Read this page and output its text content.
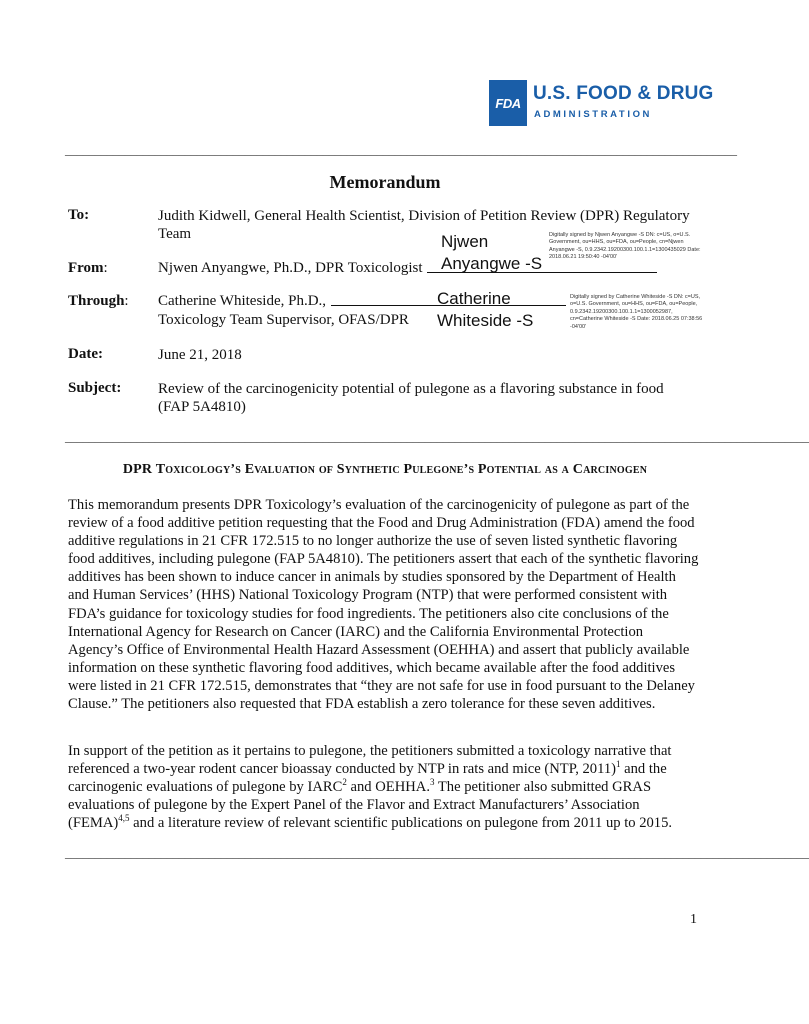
FDA U.S. FOOD & DRUG
ADMINISTRATION
________________________________________________________________________________________________________________
Memorandum
To:	Judith Kidwell, General Health Scientist, Division of Petition Review (DPR) Regulatory Team
From:	Njwen Anyangwe, Ph.D., DPR Toxicologist
Njwen
Anyangwe -S
Digitally signed by Njwen Anyangwe -S DN: c=US, o=U.S. Government, ou=HHS, ou=FDA, ou=People, cn=Njwen Anyangwe -S, 0.9.2342.19200300.100.1.1=1300435029 Date: 2018.06.21 19:50:40 -04'00'
Through: Catherine Whiteside, Ph.D.,
Toxicology Team Supervisor, OFAS/DPR
Catherine
Whiteside -S
Digitally signed by Catherine Whiteside -S DN: c=US, o=U.S. Government, ou=HHS, ou=FDA, ou=People, 0.9.2342.19200300.100.1.1=1300052987, cn=Catherine Whiteside -S Date: 2018.06.25 07:38:56 -04'00'
Date:	June 21, 2018
Subject: Review of the carcinogenicity potential of pulegone as a flavoring substance in food (FAP 5A4810)
____________________________________________________________________________________________________________________________
DPR Toxicology’s Evaluation of Synthetic Pulegone’s Potential as a Carcinogen
This memorandum presents DPR Toxicology’s evaluation of the carcinogenicity of pulegone as part of the review of a food additive petition requesting that the Food and Drug Administration (FDA) amend the food additive regulations in 21 CFR 172.515 to no longer authorize the use of seven listed synthetic flavoring food additives, including pulegone (FAP 5A4810). The petitioners assert that each of the synthetic flavoring additives has been shown to induce cancer in animals by studies sponsored by the Department of Health and Human Services’ (HHS) National Toxicology Program (NTP) that were performed consistent with FDA’s guidance for toxicology studies for food ingredients. The petitioners also cite conclusions of the International Agency for Research on Cancer (IARC) and the California Environmental Protection Agency’s Office of Environmental Health Hazard Assessment (OEHHA) and assert that publicly available information on these synthetic flavoring food additives, which became available after the food additives were listed in 21 CFR 172.515, demonstrates that “they are not safe for use in food pursuant to the Delaney Clause.” The petitioners also requested that FDA establish a zero tolerance for these seven additives.
In support of the petition as it pertains to pulegone, the petitioners submitted a toxicology narrative that referenced a two-year rodent cancer bioassay conducted by NTP in rats and mice (NTP, 2011)$^1$ and the carcinogenic evaluations of pulegone by IARC$^2$ and OEHHA.$^3$ The petitioner also submitted GRAS evaluations of pulegone by the Expert Panel of the Flavor and Extract Manufacturers’ Association (FEMA)$^{4,5}$ and a literature review of relevant scientific publications on pulegone from 2011 up to 2015.
____________________________________________________________________________________________________________________________
1
